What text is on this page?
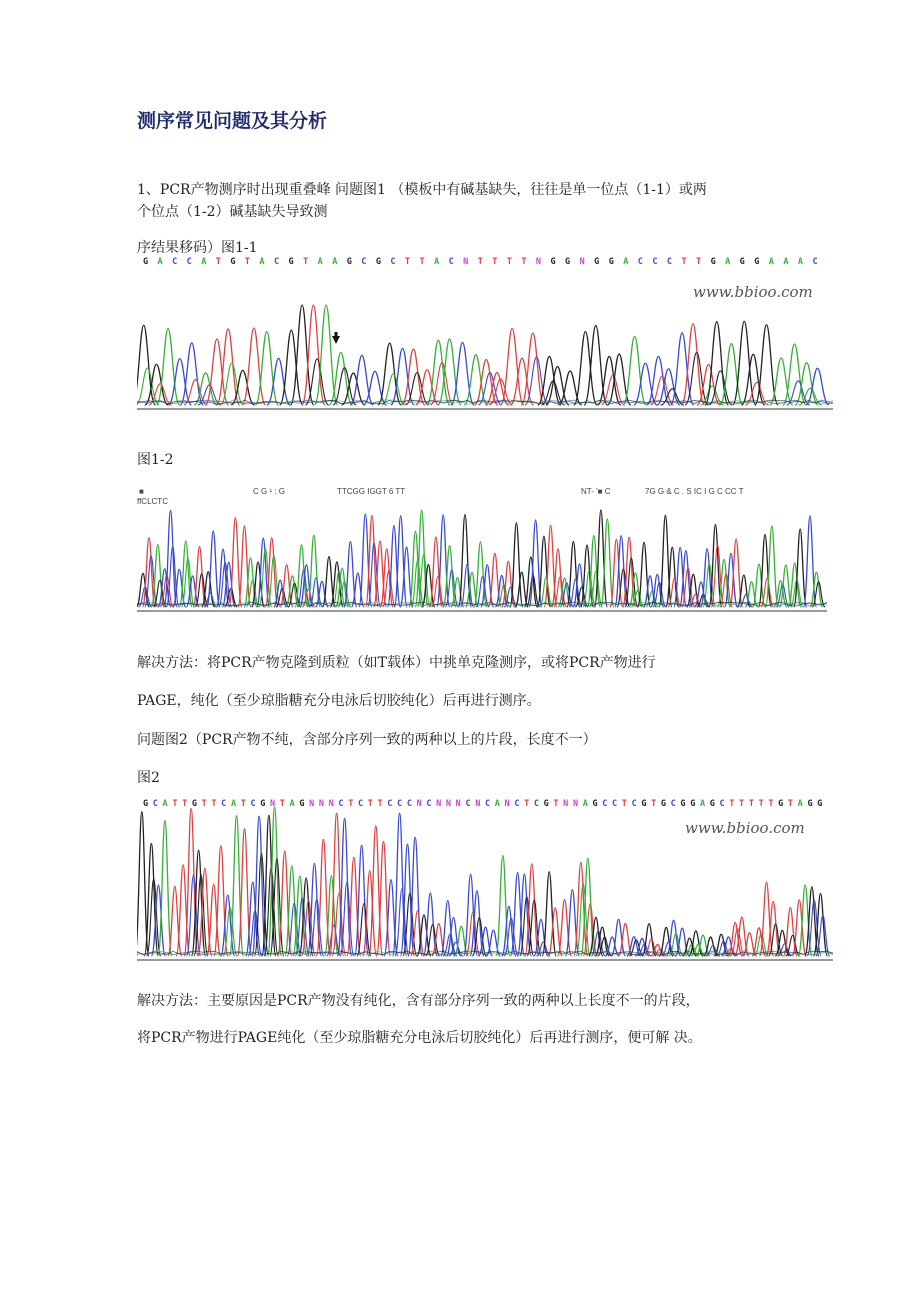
测序常见问题及其分析
1、PCR产物测序时出现重叠峰 问题图1 （模板中有碱基缺失，往往是单一位点（1-1）或两
个位点（1-2）碱基缺失导致测
序结果移码）图1-1
G A C C A T G T A C G T A A G C G C T T A C N T T T T N G G N G G A C C C T T G A G G A A A C
www.bbioo.com
图1-2
■
ffCLCTC
C G ¹ : G	TTCGG IGGT 6 TT	NT- '■ C	7G G & C . S IC I G C CC T
解决方法：将PCR产物克隆到质粒（如T载体）中挑单克隆测序，或将PCR产物进行
PAGE，纯化（至少琼脂糖充分电泳后切胶纯化）后再进行测序。
问题图2（PCR产物不纯，含部分序列一致的两种以上的片段，长度不一）
图2
G C A T T G T T C A T C G N T A G N N N C T C T T C C C N C N N N C N C A N C T C G T N N A G C C T C G T G C G G A G C T T T T T G T A G G
www.bbioo.com
解决方法：主要原因是PCR产物没有纯化，含有部分序列一致的两种以上长度不一的片段，
将PCR产物进行PAGE纯化（至少琼脂糖充分电泳后切胶纯化）后再进行测序，便可解 决。
